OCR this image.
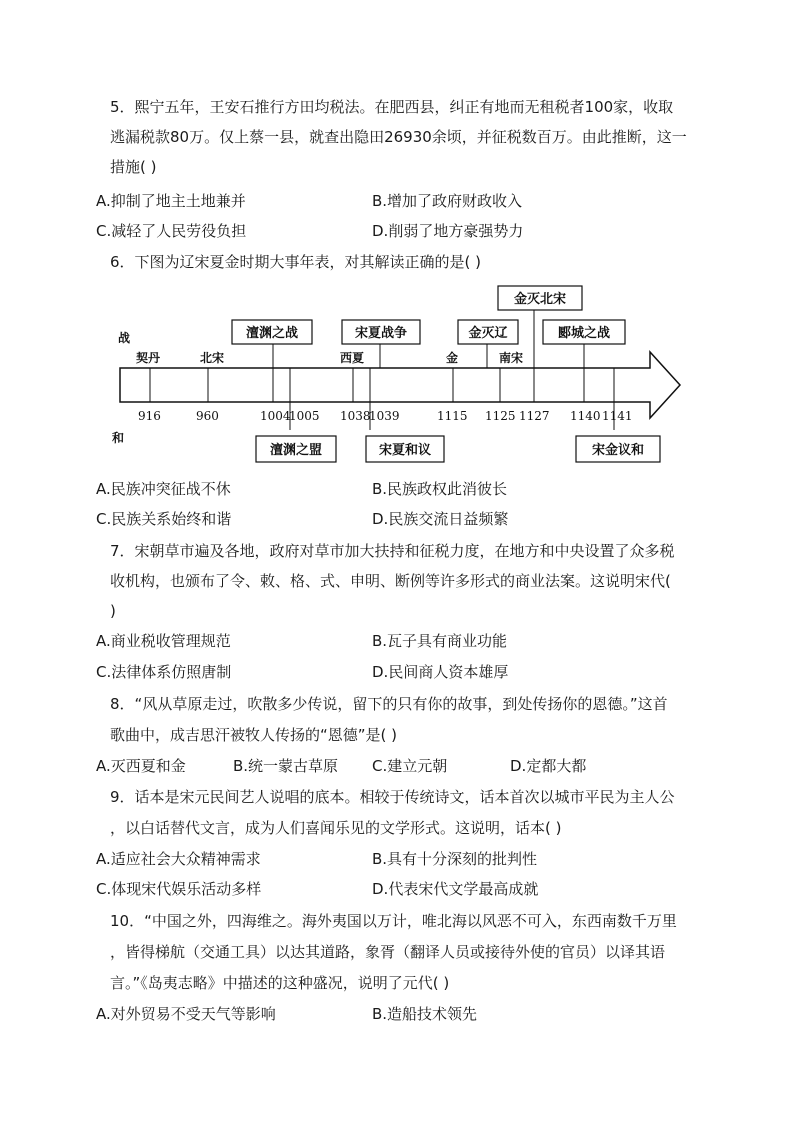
5．熙宁五年，王安石推行方田均税法。在肥西县，纠正有地而无租税者100家，收取
逃漏税款80万。仅上蔡一县，就查出隐田26930余顷，并征税数百万。由此推断，这一
措施( )
A.抑制了地主土地兼并	B.增加了政府财政收入
C.减轻了人民劳役负担	D.削弱了地方豪强势力
6．下图为辽宋夏金时期大事年表，对其解读正确的是( )
战
和
契丹	北宋	西夏	金	南宋
916	960	1004
1005 1038
1039	1115 1125 1127 1140 1141
澶渊之战	宋夏战争	金灭辽
金灭北宋
郾城之战
澶渊之盟	宋夏和议	宋金议和
A.民族冲突征战不休	B.民族政权此消彼长
C.民族关系始终和谐	D.民族交流日益频繁
7．宋朝草市遍及各地，政府对草市加大扶持和征税力度，在地方和中央设置了众多税
收机构，也颁布了令、敕、格、式、申明、断例等许多形式的商业法案。这说明宋代(
)
A.商业税收管理规范	B.瓦子具有商业功能
C.法律体系仿照唐制	D.民间商人资本雄厚
8．“风从草原走过，吹散多少传说，留下的只有你的故事，到处传扬你的恩德。”这首
歌曲中，成吉思汗被牧人传扬的“恩德”是( )
A.灭西夏和金	B.统一蒙古草原 C.建立元朝	D.定都大都
9．话本是宋元民间艺人说唱的底本。相较于传统诗文，话本首次以城市平民为主人公
，以白话替代文言，成为人们喜闻乐见的文学形式。这说明，话本( )
A.适应社会大众精神需求	B.具有十分深刻的批判性
C.体现宋代娱乐活动多样	D.代表宋代文学最高成就
10．“中国之外，四海维之。海外夷国以万计，唯北海以风恶不可入，东西南数千万里
，皆得梯航（交通工具）以达其道路，象胥（翻译人员或接待外使的官员）以译其语
言。”《岛夷志略》中描述的这种盛况，说明了元代( )
A.对外贸易不受天气等影响	B.造船技术领先
